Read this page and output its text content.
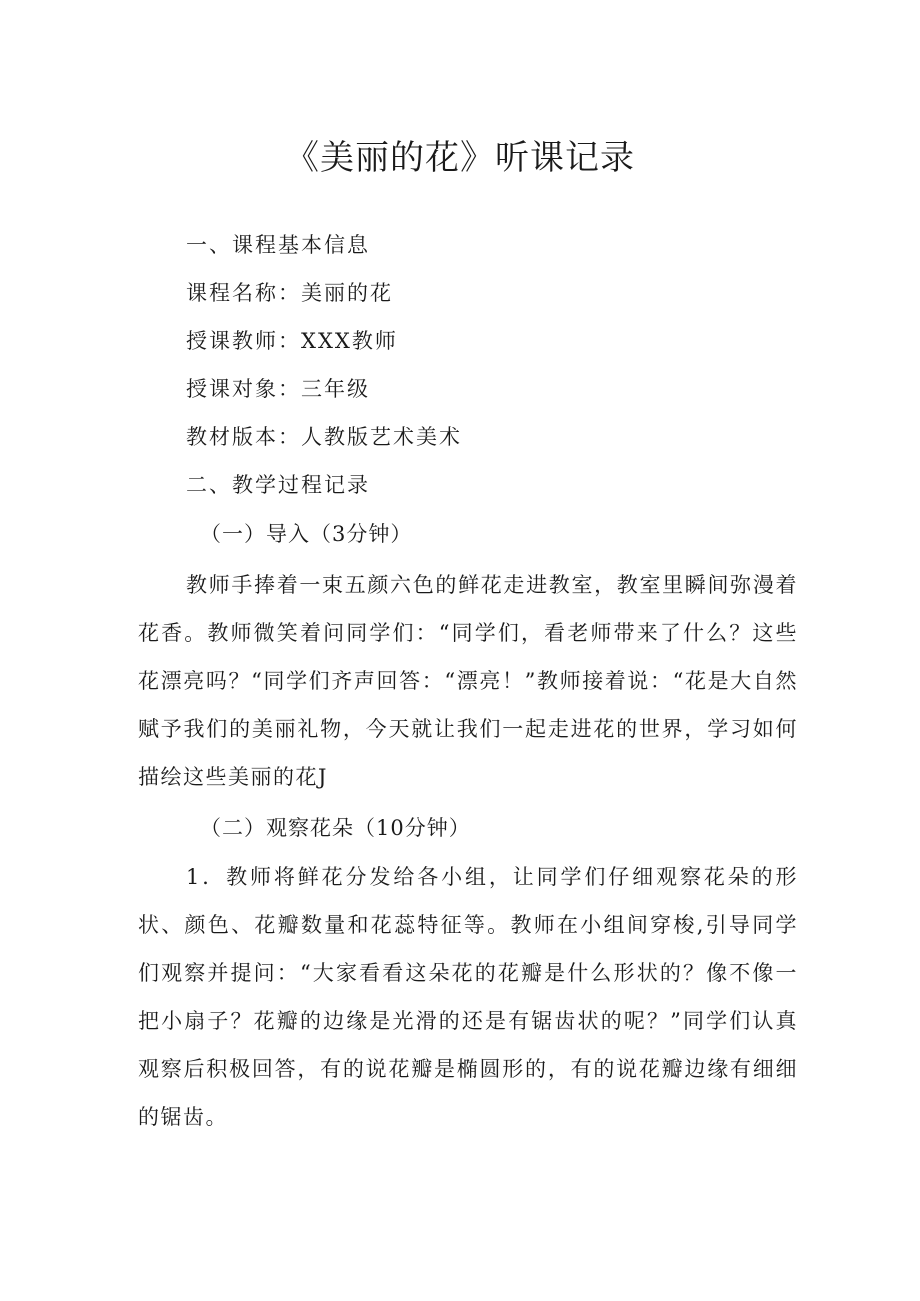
《美丽的花》听课记录
一、课程基本信息
课程名称：美丽的花
授课教师：XXX教师
授课对象：三年级
教材版本：人教版艺术美术
二、教学过程记录
（一）导入（3分钟）

教师手捧着一束五颜六色的鲜花走进教室，教室里瞬间弥漫着花香。教师微笑着问同学们：“同学们，看老师带来了什么？这些花漂亮吗？“同学们齐声回答：“漂亮！”教师接着说：“花是大自然赋予我们的美丽礼物，今天就让我们一起走进花的世界，学习如何描绘这些美丽的花J

（二）观察花朵（10分钟）

1．教师将鲜花分发给各小组，让同学们仔细观察花朵的形状、颜色、花瓣数量和花蕊特征等。教师在小组间穿梭,引导同学们观察并提问：“大家看看这朵花的花瓣是什么形状的？像不像一把小扇子？花瓣的边缘是光滑的还是有锯齿状的呢？”同学们认真观察后积极回答，有的说花瓣是椭圆形的，有的说花瓣边缘有细细的锯齿。
